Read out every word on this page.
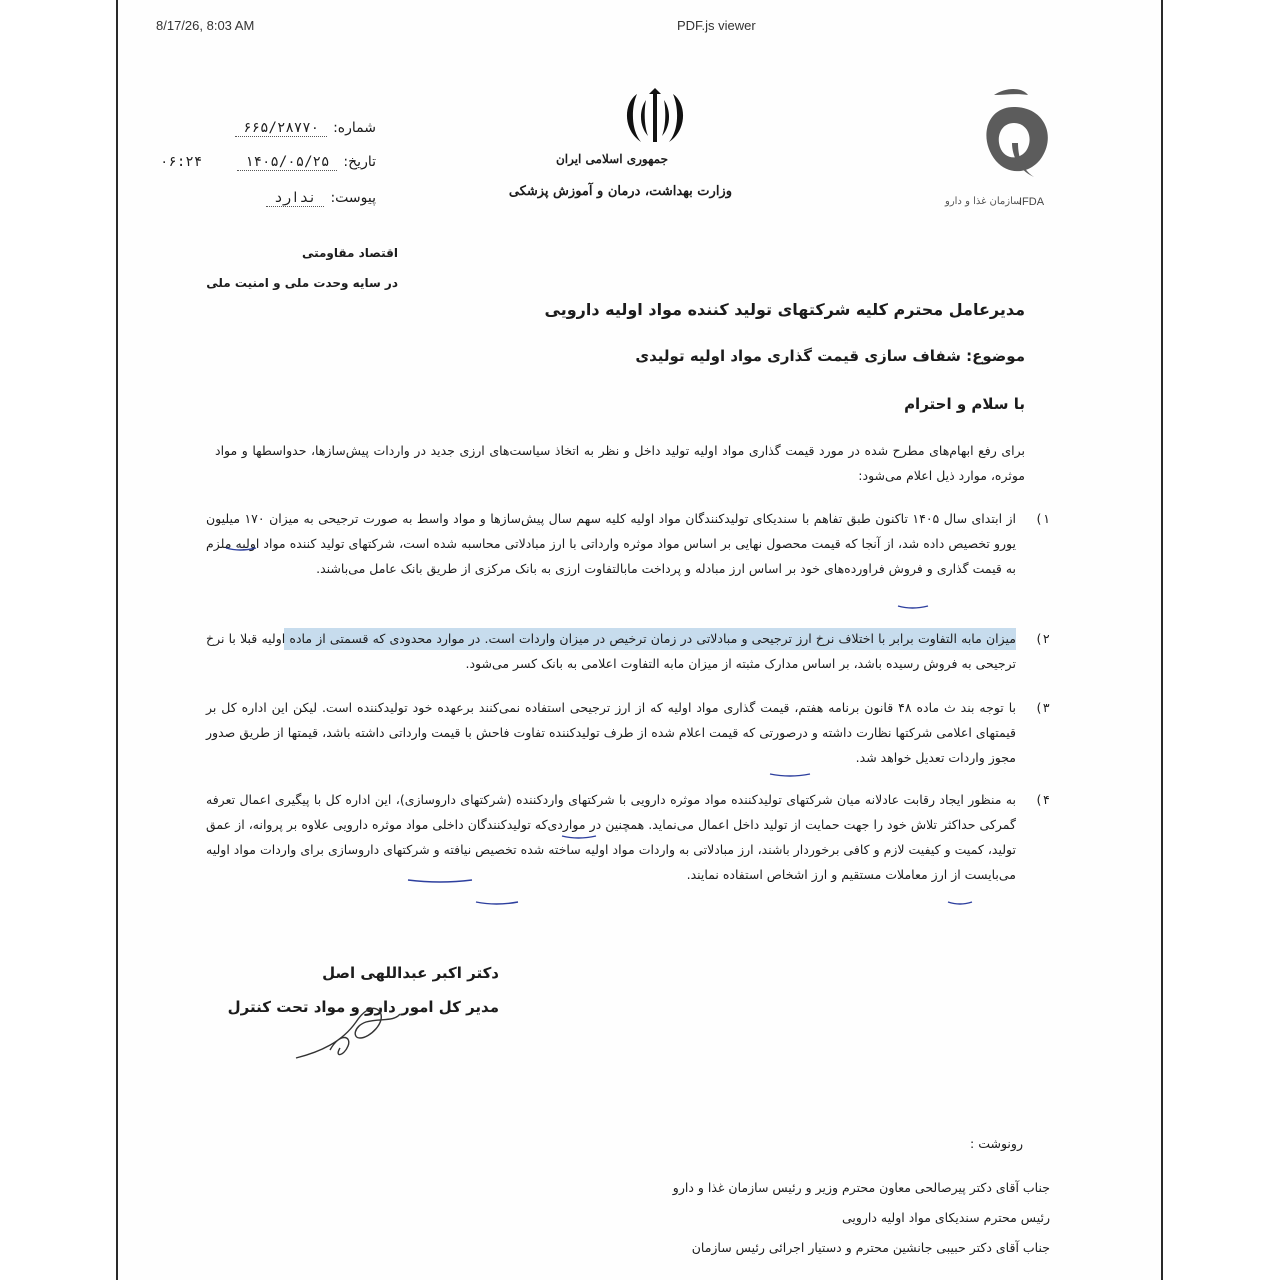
8/17/26, 8:03 AM	PDF.js viewer
شماره:۶۶۵/۲۸۷۷۰
تاریخ:۱۴۰۵/۰۵/۲۵
۰۶:۲۴
پیوست:ندارد
اقتصاد مقاومتی
در سایه وحدت ملی و امنیت ملی
جمهوری اسلامی ایران
وزارت بهداشت، درمان و آموزش پزشکی
سازمان غذا و دارو
IFDA
مدیرعامل محترم کلیه شرکتهای تولید کننده مواد اولیه دارویی
موضوع: شفاف سازی قیمت گذاری مواد اولیه تولیدی
با سلام و احترام
برای رفع ابهام‌های مطرح شده در مورد قیمت گذاری مواد اولیه تولید داخل و نظر به اتخاذ سیاست‌های ارزی جدید در واردات پیش‌سازها، حدواسطها و مواد موثره، موارد ذیل اعلام می‌شود:
۱)
از ابتدای سال ۱۴۰۵ تاکنون طبق تفاهم با سندیکای تولیدکنندگان مواد اولیه کلیه سهم سال پیش‌سازها و مواد واسط به صورت ترجیحی به میزان ۱۷۰ میلیون یورو تخصیص داده شد، از آنجا که قیمت محصول نهایی بر اساس مواد موثره وارداتی با ارز مبادلاتی محاسبه شده است، شرکتهای تولید کننده مواد اولیه ملزم به قیمت گذاری و فروش فراورده‌های خود بر اساس ارز مبادله و پرداخت مابالتفاوت ارزی به بانک مرکزی از طریق بانک عامل می‌باشند.
۲)
میزان مابه التفاوت برابر با اختلاف نرخ ارز ترجیحی و مبادلاتی در زمان ترخیص در میزان واردات است. در موارد محدودی که قسمتی از ماده اولیه قبلا با نرخ ترجیحی به فروش رسیده باشد، بر اساس مدارک مثبته از میزان مابه التفاوت اعلامی به بانک کسر می‌شود.
۳)
با توجه بند ث ماده ۴۸ قانون برنامه هفتم، قیمت گذاری مواد اولیه که از ارز ترجیحی استفاده نمی‌کنند برعهده خود تولیدکننده است. لیکن این اداره کل بر قیمتهای اعلامی شرکتها نظارت داشته و درصورتی که قیمت اعلام شده از طرف تولیدکننده تفاوت فاحش با قیمت وارداتی داشته باشد، قیمتها از طریق صدور مجوز واردات تعدیل خواهد شد.
۴)
به منظور ایجاد رقابت عادلانه میان شرکتهای تولیدکننده مواد موثره دارویی با شرکتهای واردکننده (شرکتهای داروسازی)، این اداره کل با پیگیری اعمال تعرفه گمرکی حداکثر تلاش خود را جهت حمایت از تولید داخل اعمال می‌نماید. همچنین در مواردی‌که تولیدکنندگان داخلی مواد موثره دارویی علاوه بر پروانه، از عمق تولید، کمیت و کیفیت لازم و کافی برخوردار باشند، ارز مبادلاتی به واردات مواد اولیه ساخته شده تخصیص نیافته و شرکتهای داروسازی برای واردات مواد اولیه می‌بایست از ارز معاملات مستقیم و ارز اشخاص استفاده نمایند.
دکتر اکبر عبداللهی اصل
مدیر کل امور دارو و مواد تحت کنترل
رونوشت :
جناب آقای دکتر پیرصالحی معاون محترم وزیر و رئیس سازمان غذا و دارو
رئیس محترم سندیکای مواد اولیه دارویی
جناب آقای دکتر حبیبی جانشین محترم و دستیار اجرائی رئیس سازمان
